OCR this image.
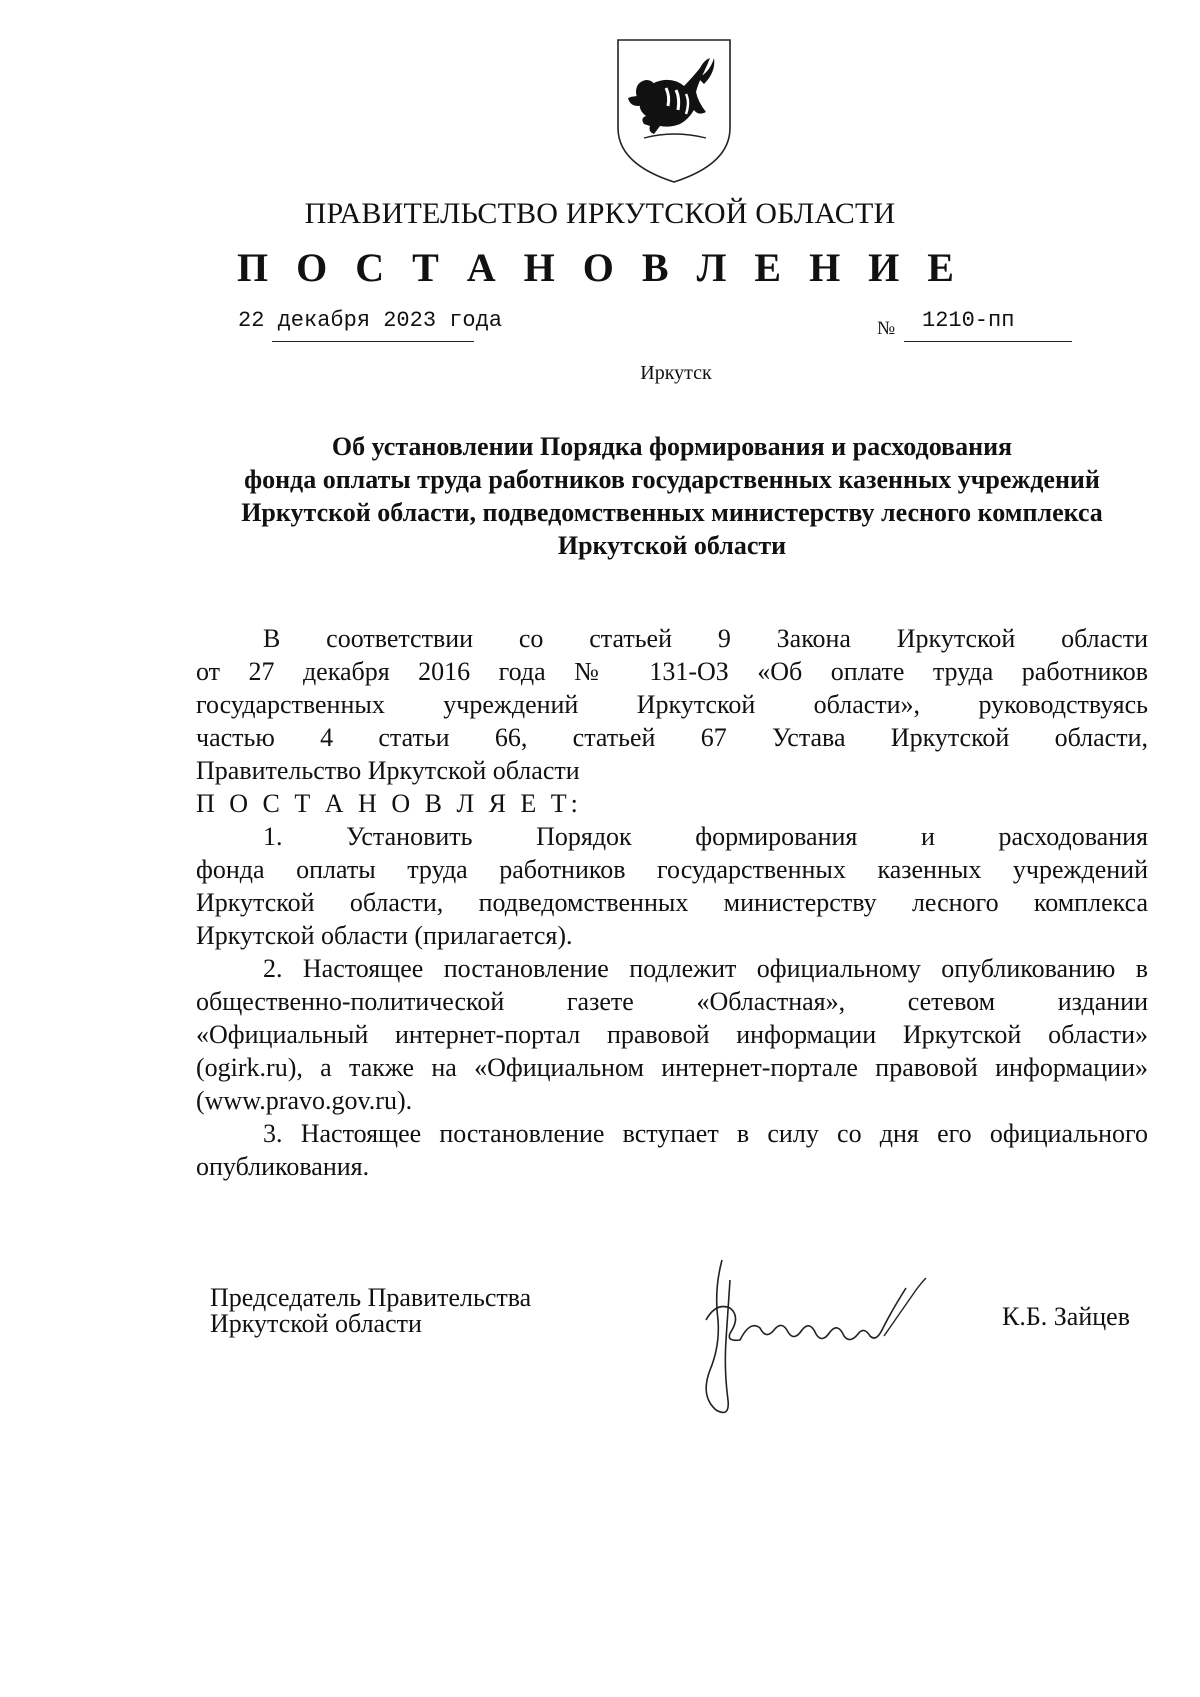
ПРАВИТЕЛЬСТВО ИРКУТСКОЙ ОБЛАСТИ
П О С Т А Н О В Л Е Н И Е
22 декабря 2023 года	№ 1210-пп
Иркутск
Об установлении Порядка формирования и расходования
фонда оплаты труда работников государственных казенных учреждений
Иркутской области, подведомственных министерству лесного комплекса
Иркутской области

В соответствии со статьей 9 Закона Иркутской области

от 27 декабря 2016 года № 131-ОЗ «Об оплате труда работников

государственных учреждений Иркутской области», руководствуясь

частью 4 статьи 66, статьей 67 Устава Иркутской области,

Правительство Иркутской области

П О С Т А Н О В Л Я Е Т:

1. Установить Порядок формирования и расходования

фонда оплаты труда работников государственных казенных учреждений

Иркутской области, подведомственных министерству лесного комплекса

Иркутской области (прилагается).

2. Настоящее постановление подлежит официальному опубликованию в

общественно-политической газете «Областная», сетевом издании

«Официальный интернет-портал правовой информации Иркутской области»

(ogirk.ru), а также на «Официальном интернет-портале правовой информации»

(www.pravo.gov.ru).

3. Настоящее постановление вступает в силу со дня его официального

опубликования.

Председатель Правительства
Иркутской области	К.Б. Зайцев
